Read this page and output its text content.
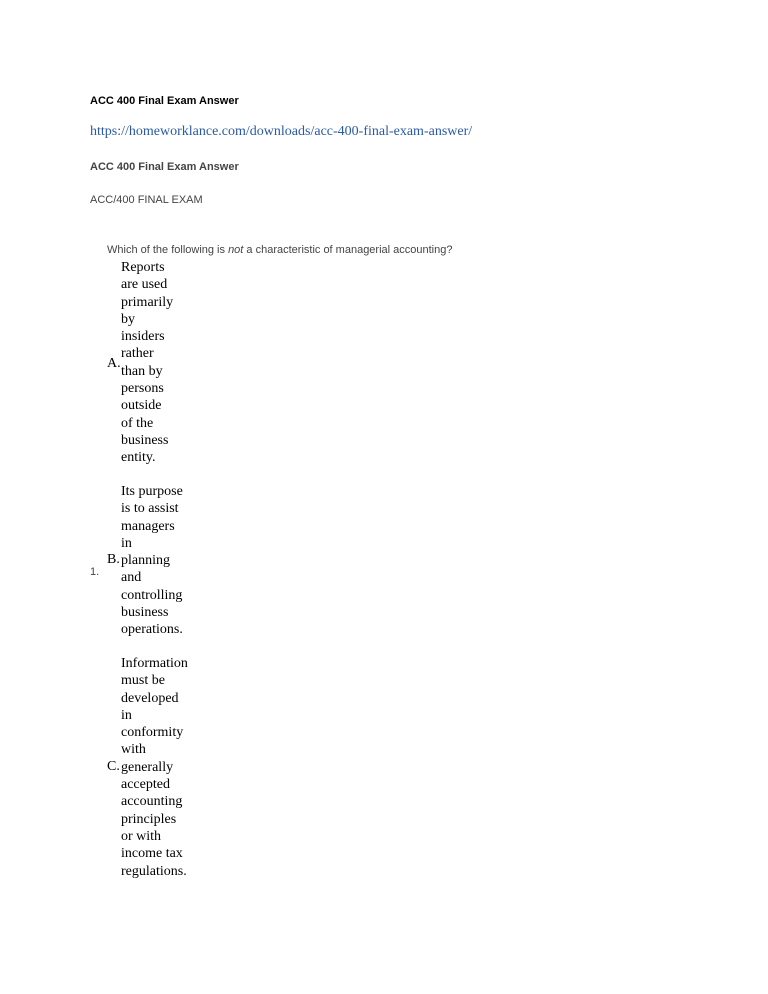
ACC 400 Final Exam Answer
https://homeworklance.com/downloads/acc-400-final-exam-answer/
ACC 400 Final Exam Answer
ACC/400 FINAL EXAM
Which of the following is not a characteristic of managerial accounting?
1.
A.
Reports
are used
primarily
by
insiders
rather
than by
persons
outside
of the
business
entity.
B.
Its purpose
is to assist
managers
in
planning
and
controlling
business
operations.
C.
Information
must be
developed
in
conformity
with
generally
accepted
accounting
principles
or with
income tax
regulations.
